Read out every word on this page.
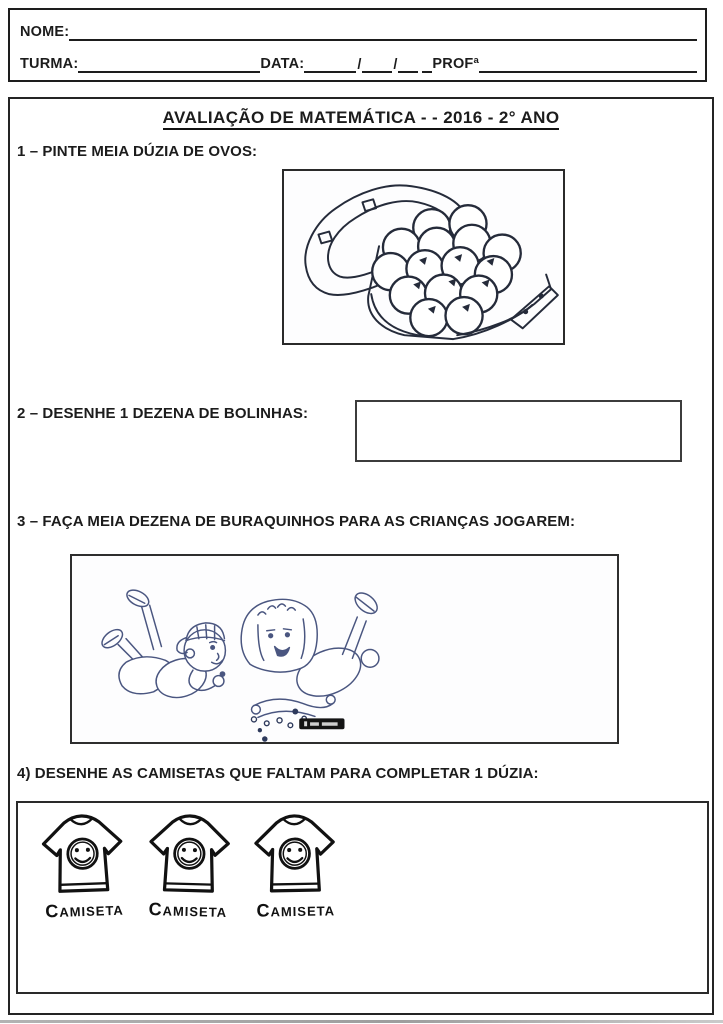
NOME:
TURMA:	DATA:	/ / PROFª
AVALIAÇÃO DE MATEMÁTICA - - 2016 - 2° ANO
1 – PINTE MEIA DÚZIA DE OVOS:
2 – DESENHE 1 DEZENA DE BOLINHAS:
3 – FAÇA MEIA DEZENA DE BURAQUINHOS PARA AS CRIANÇAS JOGAREM:
4) DESENHE AS CAMISETAS QUE FALTAM PARA COMPLETAR 1 DÚZIA:
CAMISETA CAMISETA CAMISETA
